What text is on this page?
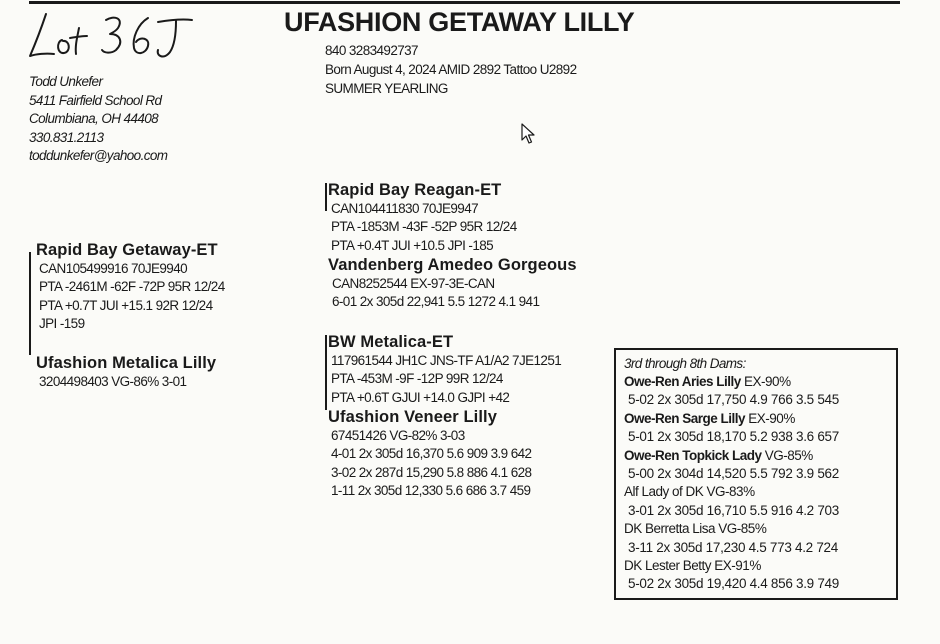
UFASHION GETAWAY LILLY
840 3283492737
Born August 4, 2024 AMID 2892 Tattoo U2892
SUMMER YEARLING
Todd Unkefer
5411 Fairfield School Rd
Columbiana, OH 44408
330.831.2113
toddunkefer@yahoo.com
Rapid Bay Reagan-ET
CAN104411830 70JE9947
PTA -1853M -43F -52P 95R 12/24
PTA +0.4T JUI +10.5 JPI -185
Vandenberg Amedeo Gorgeous
CAN8252544 EX-97-3E-CAN
6-01 2x 305d 22,941 5.5 1272 4.1 941
Rapid Bay Getaway-ET
CAN105499916 70JE9940
PTA -2461M -62F -72P 95R 12/24
PTA +0.7T JUI +15.1 92R 12/24
JPI -159
Ufashion Metalica Lilly
3204498403 VG-86% 3-01
BW Metalica-ET
117961544 JH1C JNS-TF A1/A2 7JE1251
PTA -453M -9F -12P 99R 12/24
PTA +0.6T GJUI +14.0 GJPI +42
Ufashion Veneer Lilly
67451426 VG-82% 3-03
4-01 2x 305d 16,370 5.6 909 3.9 642
3-02 2x 287d 15,290 5.8 886 4.1 628
1-11 2x 305d 12,330 5.6 686 3.7 459
3rd through 8th Dams:
Owe-Ren Aries Lilly EX-90%
5-02 2x 305d 17,750 4.9 766 3.5 545
Owe-Ren Sarge Lilly EX-90%
5-01 2x 305d 18,170 5.2 938 3.6 657
Owe-Ren Topkick Lady VG-85%
5-00 2x 304d 14,520 5.5 792 3.9 562
Alf Lady of DK VG-83%
3-01 2x 305d 16,710 5.5 916 4.2 703
DK Berretta Lisa VG-85%
3-11 2x 305d 17,230 4.5 773 4.2 724
DK Lester Betty EX-91%
5-02 2x 305d 19,420 4.4 856 3.9 749
